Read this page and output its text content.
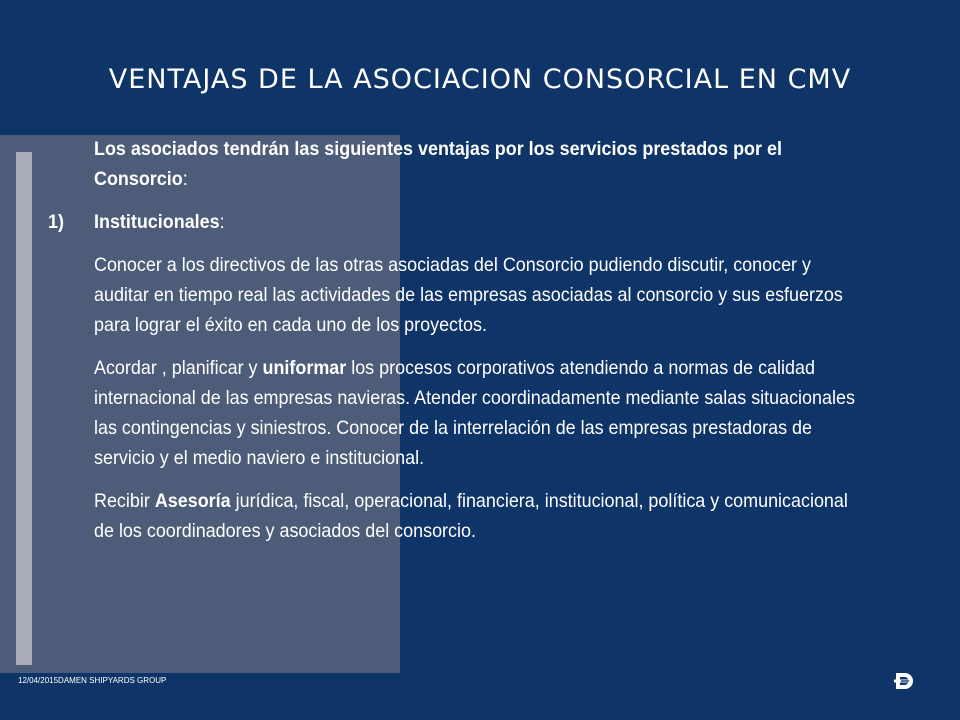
VENTAJAS DE LA ASOCIACION CONSORCIAL EN CMV

Los asociados tendrán las siguientes ventajas por los servicios prestados por el Consorcio:

1)	Institucionales:

Conocer a los directivos de las otras asociadas del Consorcio pudiendo discutir, conocer y auditar en tiempo real las actividades de las empresas asociadas al consorcio y sus esfuerzos para lograr el éxito en cada uno de los proyectos.

Acordar , planificar y uniformar los procesos corporativos atendiendo a normas de calidad internacional de las empresas navieras. Atender coordinadamente mediante salas situacionales las contingencias y siniestros. Conocer de la interrelación de las empresas prestadoras de servicio y el medio naviero e institucional.

Recibir Asesoría jurídica, fiscal, operacional, financiera, institucional, política y comunicacional de los coordinadores y asociados del consorcio.

12/04/2015DAMEN SHIPYARDS GROUP
